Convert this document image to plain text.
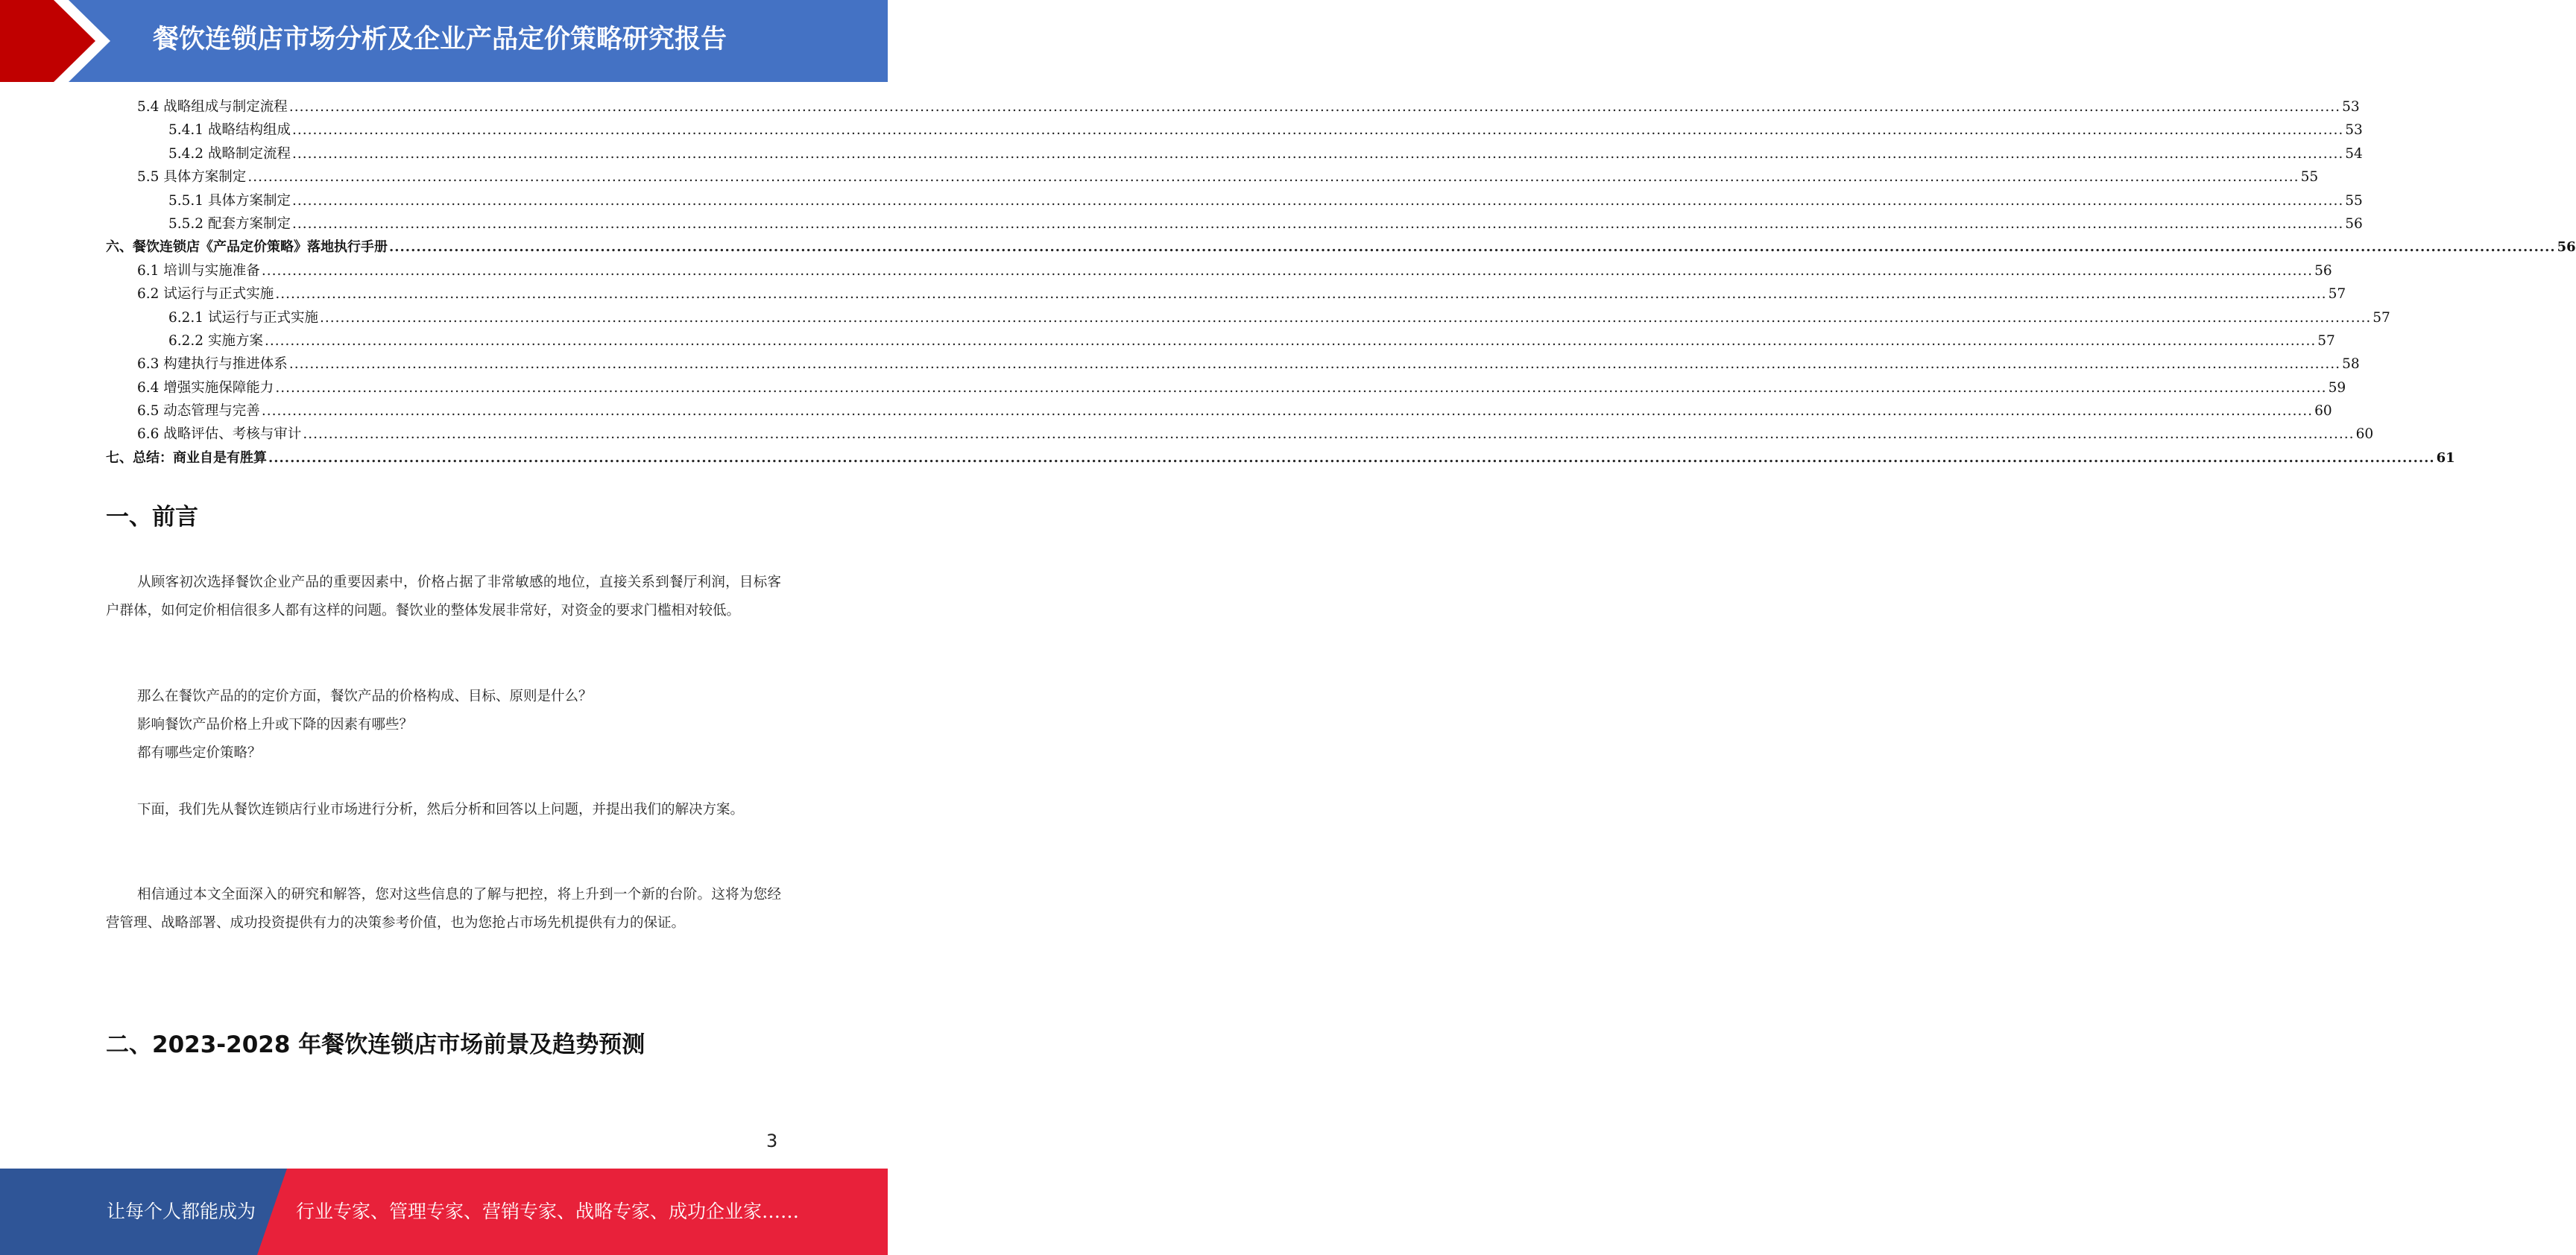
餐饮连锁店市场分析及企业产品定价策略研究报告
5.4 战略组成与制定流程 ................................................................................................................................................................................................................................................................................................................................................................................................................ 53
5.4.1 战略结构组成 ................................................................................................................................................................................................................................................................................................................................................................................................................ 53
5.4.2 战略制定流程 ................................................................................................................................................................................................................................................................................................................................................................................................................ 54
5.5 具体方案制定 ................................................................................................................................................................................................................................................................................................................................................................................................................ 55
5.5.1 具体方案制定 ................................................................................................................................................................................................................................................................................................................................................................................................................ 55
5.5.2 配套方案制定 ................................................................................................................................................................................................................................................................................................................................................................................................................ 56
六、餐饮连锁店《产品定价策略》落地执行手册 ................................................................................................................................................................................................................................................................................................................................................................................................................ 56
6.1 培训与实施准备 ................................................................................................................................................................................................................................................................................................................................................................................................................ 56
6.2 试运行与正式实施 ................................................................................................................................................................................................................................................................................................................................................................................................................ 57
6.2.1 试运行与正式实施 ................................................................................................................................................................................................................................................................................................................................................................................................................ 57
6.2.2 实施方案 ................................................................................................................................................................................................................................................................................................................................................................................................................ 57
6.3 构建执行与推进体系 ................................................................................................................................................................................................................................................................................................................................................................................................................ 58
6.4 增强实施保障能力 ................................................................................................................................................................................................................................................................................................................................................................................................................ 59
6.5 动态管理与完善 ................................................................................................................................................................................................................................................................................................................................................................................................................ 60
6.6 战略评估、考核与审计 ................................................................................................................................................................................................................................................................................................................................................................................................................ 60
七、总结：商业自是有胜算 ................................................................................................................................................................................................................................................................................................................................................................................................................ 61
一、前言
从顾客初次选择餐饮企业产品的重要因素中，价格占据了非常敏感的地位，直接关系到餐厅利润，目标客户群体，如何定价相信很多人都有这样的问题。餐饮业的整体发展非常好，对资金的要求门槛相对较低。
那么在餐饮产品的的定价方面，餐饮产品的价格构成、目标、原则是什么？
影响餐饮产品价格上升或下降的因素有哪些？
都有哪些定价策略？
下面，我们先从餐饮连锁店行业市场进行分析，然后分析和回答以上问题，并提出我们的解决方案。
相信通过本文全面深入的研究和解答，您对这些信息的了解与把控，将上升到一个新的台阶。这将为您经营管理、战略部署、成功投资提供有力的决策参考价值，也为您抢占市场先机提供有力的保证。
二、2023-2028 年餐饮连锁店市场前景及趋势预测
3
让每个人都能成为 行业专家、管理专家、营销专家、战略专家、成功企业家……
